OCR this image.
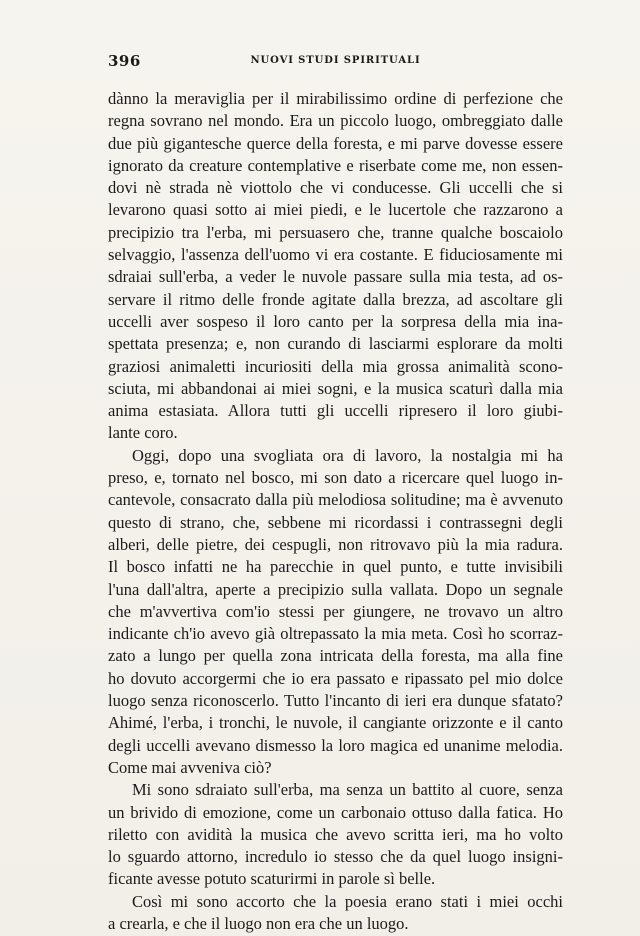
396	NUOVI STUDI SPIRITUALI
dànno la meraviglia per il mirabilissimo ordine di perfezione che
regna sovrano nel mondo. Era un piccolo luogo, ombreggiato dalle
due più gigantesche querce della foresta, e mi parve dovesse essere
ignorato da creature contemplative e riserbate come me, non essen-
dovi nè strada nè viottolo che vi conducesse. Gli uccelli che si
levarono quasi sotto ai miei piedi, e le lucertole che razzarono a
precipizio tra l'erba, mi persuasero che, tranne qualche boscaiolo
selvaggio, l'assenza dell'uomo vi era costante. E fiduciosamente mi
sdraiai sull'erba, a veder le nuvole passare sulla mia testa, ad os-
servare il ritmo delle fronde agitate dalla brezza, ad ascoltare gli
uccelli aver sospeso il loro canto per la sorpresa della mia ina-
spettata presenza; e, non curando di lasciarmi esplorare da molti
graziosi animaletti incuriositi della mia grossa animalità scono-
sciuta, mi abbandonai ai miei sogni, e la musica scaturì dalla mia
anima estasiata. Allora tutti gli uccelli ripresero il loro giubi-
lante coro.
Oggi, dopo una svogliata ora di lavoro, la nostalgia mi ha
preso, e, tornato nel bosco, mi son dato a ricercare quel luogo in-
cantevole, consacrato dalla più melodiosa solitudine; ma è avvenuto
questo di strano, che, sebbene mi ricordassi i contrassegni degli
alberi, delle pietre, dei cespugli, non ritrovavo più la mia radura.
Il bosco infatti ne ha parecchie in quel punto, e tutte invisibili
l'una dall'altra, aperte a precipizio sulla vallata. Dopo un segnale
che m'avvertiva com'io stessi per giungere, ne trovavo un altro
indicante ch'io avevo già oltrepassato la mia meta. Così ho scorraz-
zato a lungo per quella zona intricata della foresta, ma alla fine
ho dovuto accorgermi che io era passato e ripassato pel mio dolce
luogo senza riconoscerlo. Tutto l'incanto di ieri era dunque sfatato?
Ahimé, l'erba, i tronchi, le nuvole, il cangiante orizzonte e il canto
degli uccelli avevano dismesso la loro magica ed unanime melodia.
Come mai avveniva ciò?
Mi sono sdraiato sull'erba, ma senza un battito al cuore, senza
un brivido di emozione, come un carbonaio ottuso dalla fatica. Ho
riletto con avidità la musica che avevo scritta ieri, ma ho volto
lo sguardo attorno, incredulo io stesso che da quel luogo insigni-
ficante avesse potuto scaturirmi in parole sì belle.
Così mi sono accorto che la poesia erano stati i miei occhi
a crearla, e che il luogo non era che un luogo.
